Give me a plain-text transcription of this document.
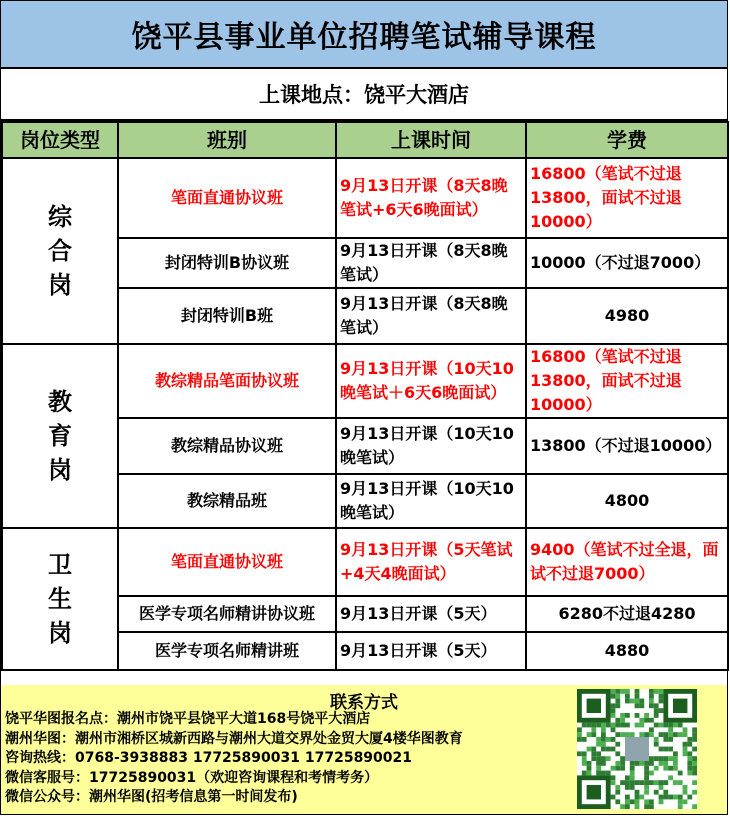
饶平县事业单位招聘笔试辅导课程
上课地点：饶平大酒店
岗位类型	班别	上课时间	学费

综
合
岗	笔面直通协议班	9月13日开课（8天8晚笔试+6天6晚面试）	16800（笔试不过退13800，面试不过退10000）
	封闭特训B协议班	9月13日开课（8天8晚笔试）	10000（不过退7000）
	封闭特训B班	9月13日开课（8天8晚笔试）	4980

教
育
岗	教综精品笔面协议班	9月13日开课（10天10晚笔试＋6天6晚面试）	16800（笔试不过退13800，面试不过退10000）
	教综精品协议班	9月13日开课（10天10晚笔试）	13800（不过退10000）
	教综精品班	9月13日开课（10天10晚笔试）	4800

卫
生
岗	笔面直通协议班	9月13日开课（5天笔试+4天4晚面试）	9400（笔试不过全退，面试不过退7000）
	医学专项名师精讲协议班	9月13日开课（5天）	6280不过退4280
	医学专项名师精讲班	9月13日开课（5天）	4880
联系方式
饶平华图报名点：潮州市饶平县饶平大道168号饶平大酒店
潮州华图：潮州市湘桥区城新西路与潮州大道交界处金贸大厦4楼华图教育
咨询热线：0768-3938883 17725890031 17725890021
微信客服号：17725890031（欢迎咨询课程和考情考务）
微信公众号：潮州华图(招考信息第一时间发布)
